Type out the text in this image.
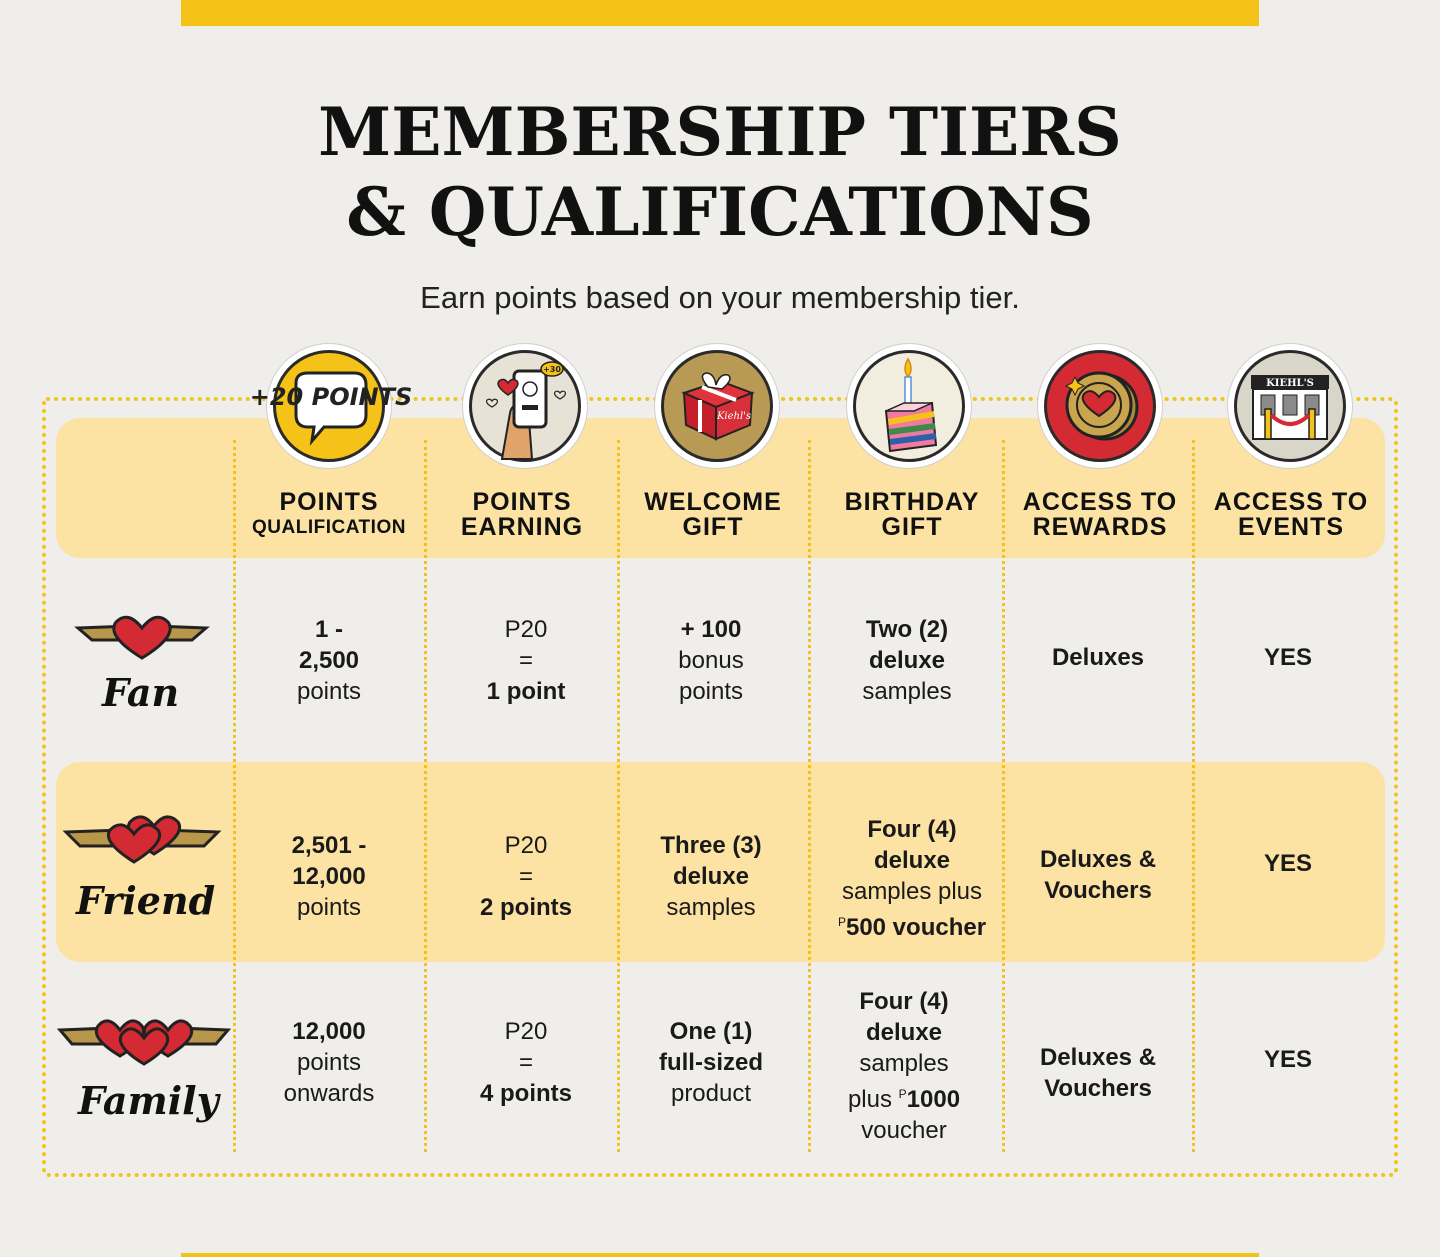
MEMBERSHIP TIERS
& QUALIFICATIONS
Earn points based on your membership tier.
+20 POINTS
+30
Kiehl's
KIEHL'S
POINTS
QUALIFICATION
POINTS
EARNING
WELCOME
GIFT
BIRTHDAY
GIFT
ACCESS TO
REWARDS
ACCESS TO
EVENTS
Fan
Friend
Family
1 -
2,500
points
P20
=
1 point
+ 100
bonus
points
Two (2)
deluxe
samples
Deluxes	YES
2,501 -
12,000
points
P20
=
2 points
Three (3)
deluxe
samples
Four (4)
deluxe
samples plus
$^P$500 voucher
Deluxes &
Vouchers
YES
12,000
points
onwards
P20
=
4 points
One (1)
full-sized
product
Four (4)
deluxe
samples
plus $^P$1000
voucher
Deluxes &
Vouchers
YES
